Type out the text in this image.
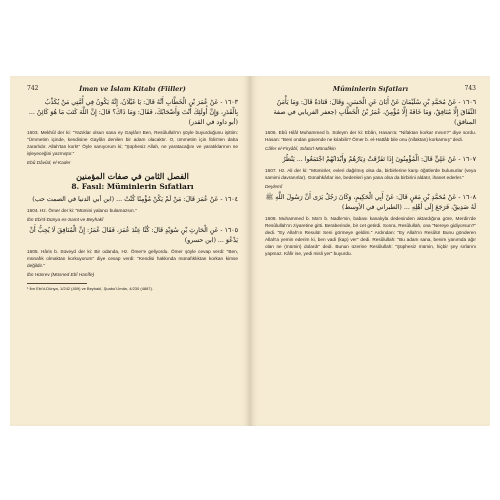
742	İman ve İslam Kitabı (Fiiller)

١٦٠٣ - عَنْ عُمَرَ بْنِ الْخَطَّابِ أَنَّهُ قَالَ: يَا غَيْلَانُ، إِنَّهُ يَكُونُ فِي أُمَّتِي مَنْ يُكَذِّبُ بِالْقَدَرِ، وَإِنَّ أُولَئِكَ أَنْتَ وَأَصْحَابُكَ، فَقَالَ: وَمَا ذَاكَ؟ قَالَ: إِنَّ اللَّهَ كَتَبَ مَا هُوَ كَائِنٌ ... (أبو داود في القدر)

1603. Mekhûl der ki: "Yazıklar olsun sana ey Gaylân! Ben, Resûlullah'ın şöyle buyurduğunu işittim: "Ümmetim içinde, kendisine Gaylân denilen bir adam olacaktır. O, ümmetim için İblis'ten daha zararlıdır. Allah'tan kork!" Öyle sanıyorum ki; "Şüphesiz Allah, ne yaratacağını ve yaratıklarının ne işleyeceğini yazmıştır."

Ebû Dâvûd, el-Kader

الفصل الثامن في صفات المؤمنين

8. Fasıl: Müminlerin Sıfatları

١٦٠٤ - عَنْ عُمَرَ قَالَ: مَنْ لَمْ يَكُنْ مُؤْمِنًا كُنْتُ ... (ابن أبي الدنيا في الصمت حب)

1604. Hz. Ömer der ki: "Mümini yalancı bulamazsın."

İbn Ebi'd-Dünya es-Samt ve Beyhakî

١٦٠٥ - عَنِ الْحَارِثِ بْنِ سُوَيْدٍ قَالَ: كُنَّا عِنْدَ عُمَرَ، فَقَالَ عُمَرُ: إِنَّ الْمُنَافِقَ لَا يُحِبُّ أَنْ يَدْعُوَ ... (ابن حسرو)

1605. Hâris b. Süveyd der ki: Bir odanda, Hz. Ömer'e geliyordu. Ömer şöyle cevap verdi: "Ben, münafık olmaktan korkuyorum" diye cevap verdi: "Kendisi hakkında münafıklıktan korkan kimse değildir."

İbn Hüsrev (Müsned Ebî Hanîfe)

¹ İbn Ebi'd-Dünya, 1/242 (459) ve Beyhakî, Şuabu'l-İmân, 4/230 (4887).
Müminlerin Sıfatları	743

١٦٠٦ - عَنْ مُحَمَّدِ بْنِ سُلَيْمَانَ عَنْ أَبَانَ عَنِ الْحَسَنِ، وَقَالَ: قَتَادَةُ قَالَ: وَمَا يَأْمَنُ النِّفَاقَ إِلَّا مُنَافِقٌ، وَمَا خَافَهُ إِلَّا مُؤْمِنٌ، عُمَرُ بْنُ الْخَطَّابِ (جعفر الفريابي في صفة المنافق)

1606. Ebû Hilâl Muhammed b. Süleym der ki: Ebân, Hasan'a: "Nifaktan korkar mısın?" diye sordu. Hasan: "Beni ondan güvende ne kılabilir? Ömer b. el-Hattâb bile onu (nifaktan) korkarmış" dedi.

Câfer el-Firyâbî, Sıfatu'l-Münafikin

١٦٠٧ - عَنْ عَلِيٍّ قَالَ: الْمُؤْمِنُونَ إِذَا تَفَرَّقَتْ دِيَارُهُمْ وَأَبْدَانُهُمْ اجْتَمَعُوا ... يَنْظُرُ

1607. Hz. Ali der ki: "Müminler, evleri dağılmış olsa da, birbirlerine karşı öğütlerde bulunurlar (veya samimi davranırlar). Günahkârlar ise, bedenleri yan yana olsa da birbirini aldatır, ihanet ederler."

Deylemî

١٦٠٨ - عَنْ مُحَمَّدِ بْنِ مَعَنٍ قَالَ: عَنْ أَبِي الْحَكِيمِ، وَكَانَ رَجُلٌ يَرَى أَنَّ رَسُولَ اللَّهِ ﷺ لَهُ صَدِيقٌ، فَرَجَعَ إِلَى أَهْلِهِ ... (الطبراني في الأوسط)

1608. Muhammed b. Ma'n b. Nadle'nin, babası kanalıyla dedesinden aktardığına göre, Merdin'de Resûlullah'ın ziyaretine gitti. Beraberinde, bir cet getirdi. Sonra, Resûlullah, ona "Nereye gidiyorsun?" dedi. "Ey Allah'ın Resulü! Seni görmeye geldim." Ardından: "Ey Allah'ın Resûlü! Bunu gönderen Allah'a yemin ederim ki, ben vadi (kap) ver" dedi. Resûlullah: "Bu adam sana, benim yanımda ağır olan ne (mümin) dolardı" dedi. Bunun üzerine Resûlullah: "Şüphesiz mümin, hiçbir şey sırlarını yapmaz. Kâfir ise, yedi misli yer" buyurdu.
